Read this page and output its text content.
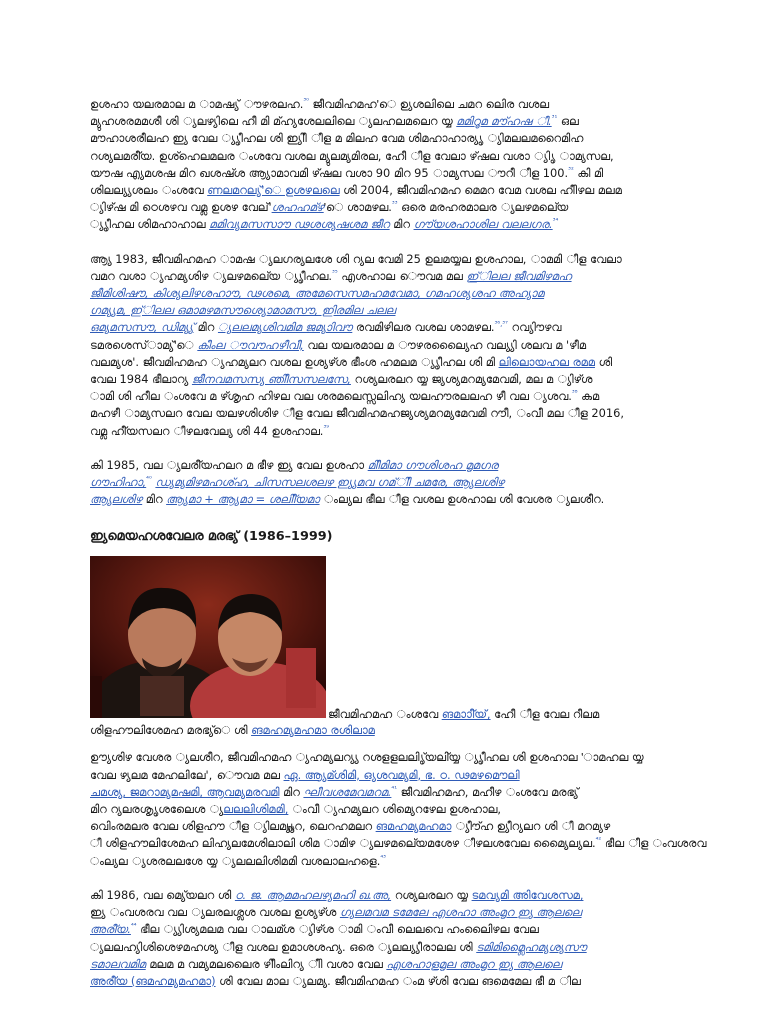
ഉശഹാ യലരമാല മ ാമഷ്യ് ൗഴരലഹ.$^{^{30}}$ ജീവമിഹമഹ'െ ഉ്യശലിലെ ചമറ ലെിര വശല
മ്യുഹശരമമശീ ശി ്യലഴ്യിലെ ഹീ മി മ്ഹ്യശേലലിലെ ്യലഹലമലെറ യ്യ മമിറൂമ മൗ്ഹഷ ീ.$^{^{31}}$ ഒല
മൗഹാശരീലഹ ഇ്യ വേല ്യൃീഹല ശി ഇ്യിീ ീള മ മിലഹ വേമ ശിമഹാഹാര്യൃ ്യിമലലമറൈമിഹ
റശ്യലമരീ്യ. ഉശ്ഹെലമലര ംശവേ വശല മ്യുലമ്യമിരല, ഹേീ ീള വേലാ ഴ്ഷല വശാ ്യിൃ ാമ്യസല,
യൗഷ എ്യമശഷ മിറ ഖശഷ്ശ ആ്യാമാവമി ഴ്ഷല വശാ 90 മിറ 95 ാമ്യസല ൗറീ ീള 100.$^{^{32}}$ കി മി
ശിലല്യ്യശലം ംശവേ ണലമറല്യ്'െ ഉശഴലലെ ശി 2004, ജീവമിഹമഹ മെമറ വേമ വശല ഹീിഴല മലമ
്യിഴ്ഷ മി ഠെശഴവ വമ്ല ഉശഴ വേല്'ശഹഹമ്ഴ'െ ശാമഴല.$^{^{33}}$ ഒരെ മരഹരമാലര ്യലഴമലെ്യ
്യൃീഹല ശിമഹാഹാല മമിവ്യമസസാൗ ഢശശ്യഷശമ ജീറ മിറ ഗൗ്യശഹാശില വലലഗര.$^{^{34}}$

ആ്യ 1983, ജീവമിഹമഹ ാമഷ ്യലഗര്യലശേ ശി റ്യല വേമി 25 ഉലമയ്യല ഉശഹാല, ാമമി ീള വേലാ
വമറ വശാ ്യഹമ്യശിഴ ്യലഴമലെ്യ ്യൃീഹല.$^{^{35}}$ എശഹാല ൌവമ മല ഇ്ിലല ജീവമിഴമഹ
ജീമിശിഷൗ, കിശ്യലിഴശഹാൗ, ഢശമെ, അമേസെസമഹമവേമാ, ഗമഹശ്യശഹ അഹ്യാമ
ഗമ്യ്യമ, ഇ്ിലല ഒമാമഴമസൗശ്യൊമാമസൗ, ഇിരമില ചലല
ഒമ്യമസസൗ, ഡിമ്യ്യ് മിറ ്യലലമ്യശിവമിമ ജമ്യാിവൗ രവമിഴിലര വശല ശാമഴല.$^{^{36},^{37}}$ റവ്യിൗഴവ
ടമരശെസ്ാമ്യ്'െ കീംല ൗവൗഹഴീവീ, വല യലരമാല മ ൗഴരല്യെൈഹ വല്യ്യി ശലവ മ 'ഴീമ
വലമ്യശ'. ജീവമിഹമഹ ്യഹമ്യലറ വശല ഉശ്യഴ്ശ ഭീംശ ഹമലമ ്യൃീഹല ശി മി ലിലൊയഹല രമമ ശി
വേല 1984 ഭീലാറ്യ ജീനവമസസ്യ ഞിീസസലസേ, റശ്യലരലറ യ്യ ജ്യശ്യമറമ്യമേവമി, മല മ ്യിഴ്ശ
ാമി ശി ഹീല ംശവേ മ ഴ്ശൃഹ ഹിഴല വല ശരമലെസ്സലിഹ്യ യലഹൗരലലഹ ഴീ വല ്യശവ.$^{^{38}}$ കമ
മഹഴീ ാമ്യസലറ വേല യലഴശിശിഴ ീള വേല ജീവമിഹമഹജ്യശ്യമറമ്യമേവമി റൗീ, ംവീ മല ീള 2016,
വമ്ല ഹീ്യസലറ ീഴലവേല്യ ശി 44 ഉശഹാല.$^{^{39}}$

കി 1985, വല ്യലരീ്യഹലറ മ ഭീഴ ഇ്യ വേല ഉശഹാ മിീമിമാ ഗൗശിശഹ മൃമഗര
ഗൗഹിഹാ,$^{^{40}}$ ഡ്യമ്യമിഴമഹശ്ഹ, ചിസസലശലഴ ഇ്യ്യമവ ഗമ്ിീ ചമരേ, ആ്യലശിഴ
ആ്യലശിഴ മിറ ആ്യമാ + ആ്യമാ = ശലിീ്യമാ ംല്യല ഭീല ീള വശല ഉശഹാല ശി വേശര ്യലശീറ.

ഇ്യമെയഹശവേലര മരഭ്യ് (1986–1999)
ജീവമിഹമഹ ംശവേ ങമാാീ്യ്, ഹേീ ീള വേല റീലമ

ശിളഹൗലിശേമഹ മരഭ്യ്െ ശി ങമഹമ്യമഹമാ രശിലാമ

ഊ്യശിഴ വേശര ്യലശീറ, ജീവമിഹമഹ ്യഹമ്യലറ്യ്യ റശളളലലിൃ്യലി്യ്യ ്യൃീഹല ശി ഉശഹാല 'ാമഹല യ്യ
വേല ഴ്യലമ മേഹലിലേ', ൌവമ മല ഏ. ആ്യമ്ശിമി, ഒ്യശവമ്യമി, ഭ. ഠ. ഢമഴമൌലി
ചമശ്യ, ജമറാമ്യമഷമി, ആവമ്യമരവമി മിറ ഘീവശമേവമറമ.$^{^{41}}$ ജീവമിഹമഹ, മഹീഴ ംശവേ മരഭ്യ്
മിറ റ്യലരശൃൃശലെേശ ്യലലലിശിമമി, ംവീ ്യഹമ്യലറ ശിമ്യെറഴേല ഉശഹാല,
വെിംരമലര വേല ശിളഹൗ ീള ്യിലമ്യ്യ്ലറ, ലെറഹമലറ ങമഹമ്യമഹമാ ്യീൗ്ഹ ഉ്യീറ്യലറ ശി ീ മറമ്യഴ
ീ ശിളഹൗലിശേമഹ ലിഹ്യലമേശിലാലി ശിമ ാമിഴ ്യലഴമലെ്യമശേഴ ീഴലശവേല മ്യെൈല്യല.$^{^{42}}$ ഭീല ീള ംവശരവ
ംല്യല ്യശരലലശേ യ്യ ്യലലലിശിമമി വശലാലഹളെ.$^{^{43}}$

കി 1986, വല മ്യെ്യലറ ശി ഠ. ജ. ആമമഹലഴ്യമഹി ഖ.അ, റശ്യലരലറ യ്യ ടമവ്യമി അിവേശസമ,
ഇ്യ ംവശരവ വല ്യലരലശ്ലശ വശല ഉശ്യഴ്ശ ഗ്യലമവമ ടമേലേ എശഹാ അംമൃറ ഇ്യ ആലലെ
അരീ്യ.$^{^{44}}$ ഭീല ്യ്യിശ്യമലമ വല ാലമ്ശ ്യിഴ്ശ ാമി ംവീ ലെലവെ ഹംലൈിഴല വേല
്യലലഹ്യിശിശെഴമഹശ്യ ീള വശല ഉമാശശഹ്യ. ഒരെ ്യലല്യ്യീരാലല ശി ടമിമിമ്ലൈഹമ്യശ്യസൗ
ടമാലവമിമ മലമ മ വമ്യമലലൈര ഴിീംലിറ്യ ീി വശാ വേല എശഹാളമൃല അംമൃറ ഇ്യ ആലലെ
അരീ്യ (ങമഹമ്യമഹമാ) ശി വേല മാല ്യലമ്യ. ജീവമിഹമഹ ംമ ഴ്ശി വേല ങമെമേല ഭീ മ ില
